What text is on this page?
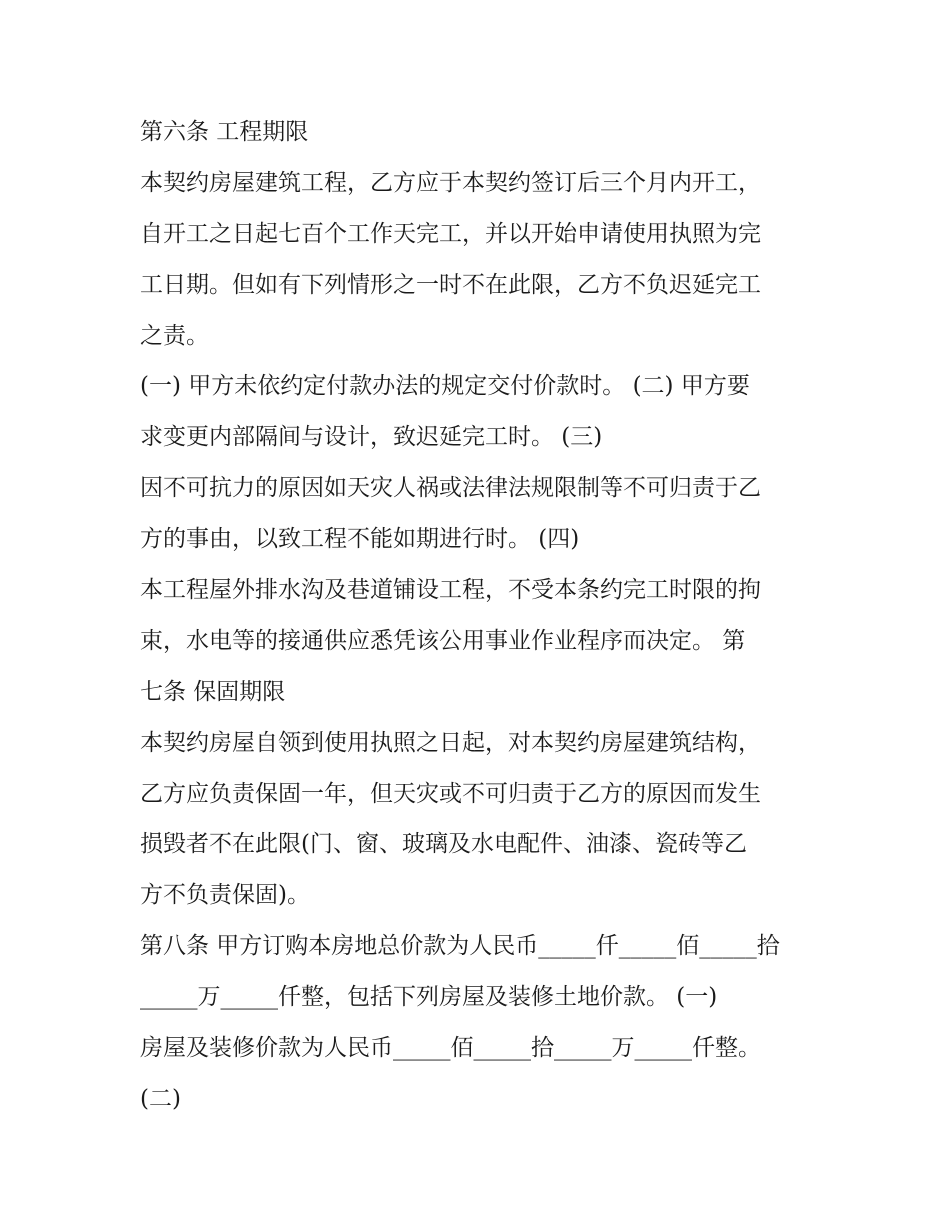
第六条 工程期限
本契约房屋建筑工程，乙方应于本契约签订后三个月内开工，
自开工之日起七百个工作天完工，并以开始申请使用执照为完
工日期。但如有下列情形之一时不在此限，乙方不负迟延完工
之责。
(一) 甲方未依约定付款办法的规定交付价款时。 (二) 甲方要
求变更内部隔间与设计，致迟延完工时。 (三)
因不可抗力的原因如天灾人祸或法律法规限制等不可归责于乙
方的事由，以致工程不能如期进行时。 (四)
本工程屋外排水沟及巷道铺设工程，不受本条约完工时限的拘
束，水电等的接通供应悉凭该公用事业作业程序而决定。 第
七条 保固期限
本契约房屋自领到使用执照之日起，对本契约房屋建筑结构，
乙方应负责保固一年，但天灾或不可归责于乙方的原因而发生
损毁者不在此限(门、窗、玻璃及水电配件、油漆、瓷砖等乙
方不负责保固)。
第八条 甲方订购本房地总价款为人民币_____仟_____佰_____拾
_____万_____仟整，包括下列房屋及装修土地价款。 (一)
房屋及装修价款为人民币_____佰_____拾_____万_____仟整。
(二)
